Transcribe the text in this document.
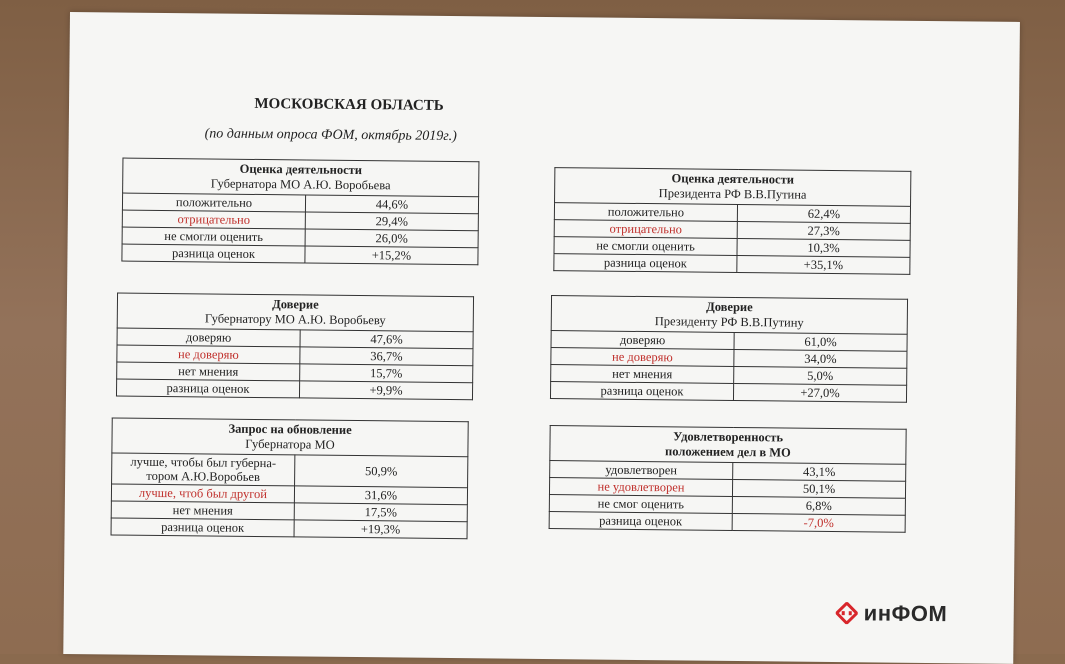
МОСКОВСКАЯ ОБЛАСТЬ
(по данным опроса ФОМ, октябрь 2019г.)
Оценка деятельности
Губернатора МО А.Ю. Воробьева	

положительно	44,6%
отрицательно	29,4%
не смогли оценить	26,0%
разница оценок	+15,2%
Оценка деятельности
Президента РФ В.В.Путина	

положительно	62,4%
отрицательно	27,3%
не смогли оценить	10,3%
разница оценок	+35,1%
Доверие
Губернатору МО А.Ю. Воробьеву	

доверяю	47,6%
не доверяю	36,7%
нет мнения	15,7%
разница оценок	+9,9%
Доверие
Президенту РФ В.В.Путину	

доверяю	61,0%
не доверяю	34,0%
нет мнения	5,0%
разница оценок	+27,0%
Запрос на обновление
Губернатора МО	

лучше, чтобы был губерна-
тором А.Ю.Воробьев	50,9%
лучше, чтоб был другой	31,6%
нет мнения	17,5%
разница оценок	+19,3%
Удовлетворенность
положением дел в МО	

удовлетворен	43,1%
не удовлетворен	50,1%
не смог оценить	6,8%
разница оценок	-7,0%
инФОМ
